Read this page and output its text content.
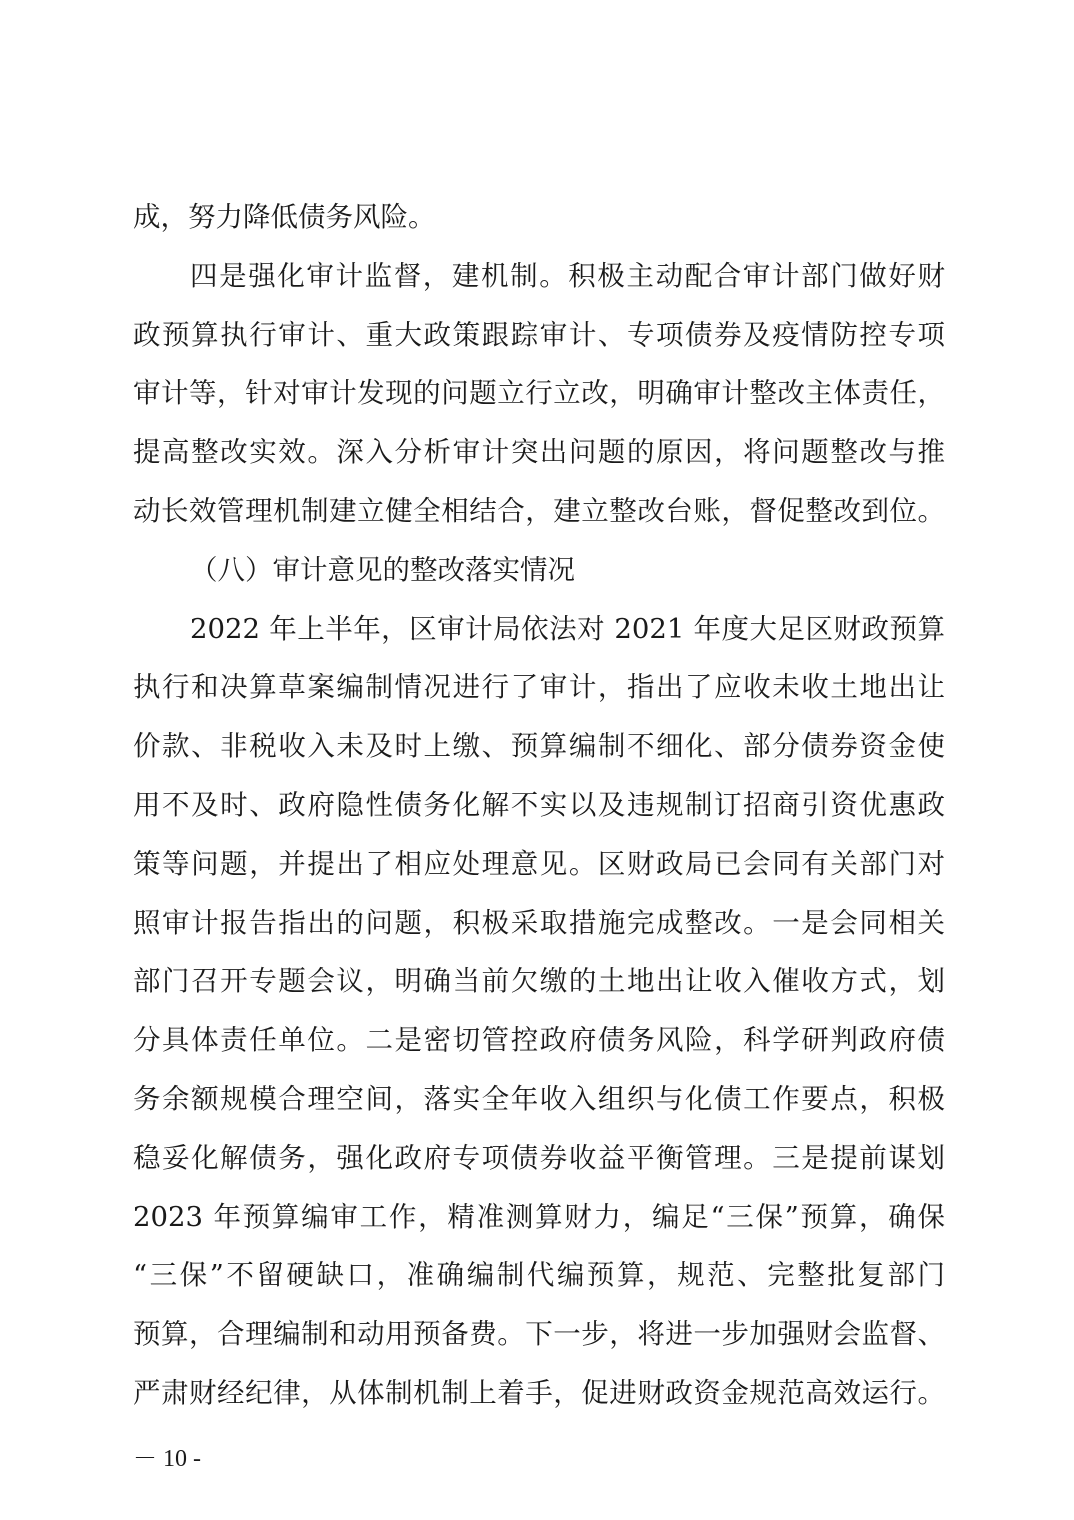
成，努力降低债务风险。
四是强化审计监督，建机制。积极主动配合审计部门做好财
政预算执行审计、重大政策跟踪审计、专项债券及疫情防控专项
审计等，针对审计发现的问题立行立改，明确审计整改主体责任，
提高整改实效。深入分析审计突出问题的原因，将问题整改与推
动长效管理机制建立健全相结合，建立整改台账，督促整改到位。
（八）审计意见的整改落实情况
2022 年上半年，区审计局依法对 2021 年度大足区财政预算
执行和决算草案编制情况进行了审计，指出了应收未收土地出让
价款、非税收入未及时上缴、预算编制不细化、部分债券资金使
用不及时、政府隐性债务化解不实以及违规制订招商引资优惠政
策等问题，并提出了相应处理意见。区财政局已会同有关部门对
照审计报告指出的问题，积极采取措施完成整改。一是会同相关
部门召开专题会议，明确当前欠缴的土地出让收入催收方式，划
分具体责任单位。二是密切管控政府债务风险，科学研判政府债
务余额规模合理空间，落实全年收入组织与化债工作要点，积极
稳妥化解债务，强化政府专项债券收益平衡管理。三是提前谋划
2023 年预算编审工作，精准测算财力，编足“三保”预算，确保
“三保”不留硬缺口，准确编制代编预算，规范、完整批复部门
预算，合理编制和动用预备费。下一步，将进一步加强财会监督、
严肃财经纪律，从体制机制上着手，促进财政资金规范高效运行。
－ 10 -
